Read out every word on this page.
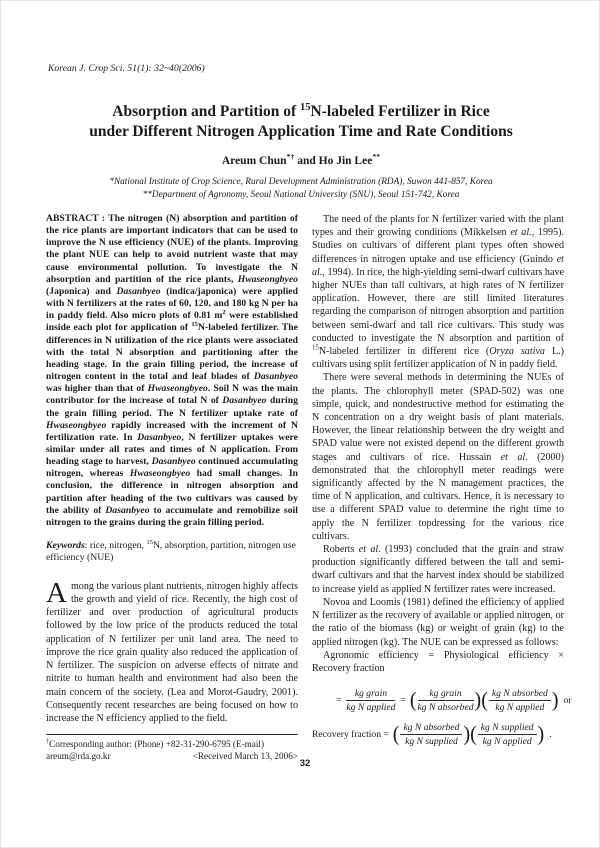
Korean J. Crop Sci. 51(1): 32~40(2006)
Absorption and Partition of $^{15}$N-labeled Fertilizer in Rice
under Different Nitrogen Application Time and Rate Conditions
Areum Chun*† and Ho Jin Lee**
*National Institute of Crop Science, Rural Development Administration (RDA), Suwon 441-857, Korea
**Department of Agronomy, Seoul National University (SNU), Seoul 151-742, Korea
ABSTRACT : The nitrogen (N) absorption and partition of the rice plants are important indicators that can be used to improve the N use efficiency (NUE) of the plants. Improving the plant NUE can help to avoid nutrient waste that may cause environmental pollution. To investigate the N absorption and partition of the rice plants, Hwaseongbyeo (Japonica) and Dasanbyeo (indica/japonica) were applied with N fertilizers at the rates of 60, 120, and 180 kg N per ha in paddy field. Also micro plots of 0.81 $m^2$ were established inside each plot for application of $^{15}$N-labeled fertilizer. The differences in N utilization of the rice plants were associated with the total N absorption and partitioning after the heading stage. In the grain filling period, the increase of nitrogen content in the total and leaf blades of Dasanbyeo was higher than that of Hwaseongbyeo. Soil N was the main contributor for the increase of total N of Dasanbyeo during the grain filling period. The N fertilizer uptake rate of Hwaseongbyeo rapidly increased with the increment of N fertilization rate. In Dasanbyeo, N fertilizer uptakes were similar under all rates and times of N application. From heading stage to harvest, Dasanbyeo continued accumulating nitrogen, whereas Hwaseongbyeo had small changes. In conclusion, the difference in nitrogen absorption and partition after heading of the two cultivars was caused by the ability of Dasanbyeo to accumulate and remobilize soil nitrogen to the grains during the grain filling period.
Keywords: rice, nitrogen, $^{15}$N, absorption, partition, nitrogen use efficiency (NUE)
Among the various plant nutrients, nitrogen highly affects the growth and yield of rice. Recently, the high cost of fertilizer and over production of agricultural products followed by the low price of the products reduced the total application of N fertilizer per unit land area. The need to improve the rice grain quality also reduced the application of N fertilizer. The suspicion on adverse effects of nitrate and nitrite to human health and environment had also been the main concern of the society. (Lea and Morot-Gaudry, 2001). Consequently recent researches are being focused on how to increase the N efficiency applied to the field.
†Corresponding author: (Phone) +82-31-290-6795 (E-mail) areum@rda.go.kr	<Received March 13, 2006>

The need of the plants for N fertilizer varied with the plant types and their growing conditions (Mikkelsen et al., 1995). Studies on cultivars of different plant types often showed differences in nitrogen uptake and use efficiency (Guindo et al., 1994). In rice, the high-yielding semi-dwarf cultivars have higher NUEs than tall cultivars, at high rates of N fertilizer application. However, there are still limited literatures regarding the comparison of nitrogen absorption and partition between semi-dwarf and tall rice cultivars. This study was conducted to investigate the N absorption and partition of $^{15}$N-labeled fertilizer in different rice (Oryza sativa L.) cultivars using split fertilizer application of N in paddy field.

There were several methods in determining the NUEs of the plants. The chlorophyll meter (SPAD-502) was one simple, quick, and nondestructive method for estimating the N concentration on a dry weight basis of plant materials. However, the linear relationship between the dry weight and SPAD value were not existed depend on the different growth stages and cultivars of rice. Hussain et al. (2000) demonstrated that the chlorophyll meter readings were significantly affected by the N management practices, the time of N application, and cultivars. Hence, it is necessary to use a different SPAD value to determine the right time to apply the N fertilizer topdressing for the various rice cultivars.

Roberts et al. (1993) concluded that the grain and straw production significantly differed between the tall and semi-dwarf cultivars and that the harvest index should be stabilized to increase yield as applied N fertilizer rates were increased.

Novoa and Loomis (1981) defined the efficiency of applied N fertilizer as the recovery of available or applied nitrogen, or the ratio of the biomass (kg) or weight of grain (kg) to the applied nitrogen (kg). The NUE can be expressed as follows:

Agronomic efficiency = Physiological efficiency × Recovery fraction

= $\frac{\text{kg grain}}{\text{kg N applied}}$ = ( $\frac{\text{kg grain}}{\text{kg N absorbed}}$ ) ( $\frac{\text{kg N absorbed}}{\text{kg N applied}}$ ) or
Recovery fraction = ( $\frac{\text{kg N absorbed}}{\text{kg N supplied}}$ ) ( $\frac{\text{kg N supplied}}{\text{kg N applied}}$ ) .
32
